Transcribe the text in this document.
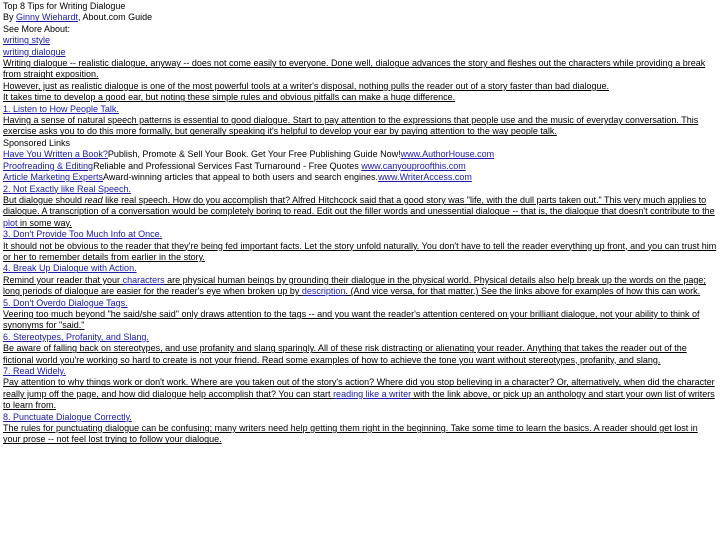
Top 8 Tips for Writing Dialogue

By Ginny Wiehardt, About.com Guide

See More About:

writing style

writing dialogue

Writing dialogue -- realistic dialogue, anyway -- does not come easily to everyone. Done well, dialogue advances the story and fleshes out the characters while providing a break from straight exposition.

However, just as realistic dialogue is one of the most powerful tools at a writer's disposal, nothing pulls the reader out of a story faster than bad dialogue.

It takes time to develop a good ear, but noting these simple rules and obvious pitfalls can make a huge difference.

1. Listen to How People Talk.

Having a sense of natural speech patterns is essential to good dialogue. Start to pay attention to the expressions that people use and the music of everyday conversation. This exercise asks you to do this more formally, but generally speaking it's helpful to develop your ear by paying attention to the way people talk.

Sponsored Links

Have You Written a Book?Publish, Promote & Sell Your Book. Get Your Free Publishing Guide Now!www.AuthorHouse.com

Proofreading & EditingReliable and Professional Services Fast Turnaround - Free Quotes www.canyouproofthis.com

Article Marketing ExpertsAward-winning articles that appeal to both users and search engines.www.WriterAccess.com

2. Not Exactly like Real Speech.

But dialogue should read like real speech. How do you accomplish that? Alfred Hitchcock said that a good story was "life, with the dull parts taken out." This very much applies to dialogue. A transcription of a conversation would be completely boring to read. Edit out the filler words and unessential dialogue -- that is, the dialogue that doesn't contribute to the plot in some way.

3. Don't Provide Too Much Info at Once.

It should not be obvious to the reader that they're being fed important facts. Let the story unfold naturally. You don't have to tell the reader everything up front, and you can trust him or her to remember details from earlier in the story.

4. Break Up Dialogue with Action.

Remind your reader that your characters are physical human beings by grounding their dialogue in the physical world. Physical details also help break up the words on the page; long periods of dialogue are easier for the reader's eye when broken up by description. (And vice versa, for that matter.) See the links above for examples of how this can work.

5. Don't Overdo Dialogue Tags.

Veering too much beyond "he said/she said" only draws attention to the tags -- and you want the reader's attention centered on your brilliant dialogue, not your ability to think of synonyms for "said."

6. Stereotypes, Profanity, and Slang.

Be aware of falling back on stereotypes, and use profanity and slang sparingly. All of these risk distracting or alienating your reader. Anything that takes the reader out of the fictional world you're working so hard to create is not your friend. Read some examples of how to achieve the tone you want without stereotypes, profanity, and slang.

7. Read Widely.

Pay attention to why things work or don't work. Where are you taken out of the story's action? Where did you stop believing in a character? Or, alternatively, when did the character really jump off the page, and how did dialogue help accomplish that? You can start reading like a writer with the link above, or pick up an anthology and start your own list of writers to learn from.

8. Punctuate Dialogue Correctly.

The rules for punctuating dialogue can be confusing; many writers need help getting them right in the beginning. Take some time to learn the basics. A reader should get lost in your prose -- not feel lost trying to follow your dialogue.
